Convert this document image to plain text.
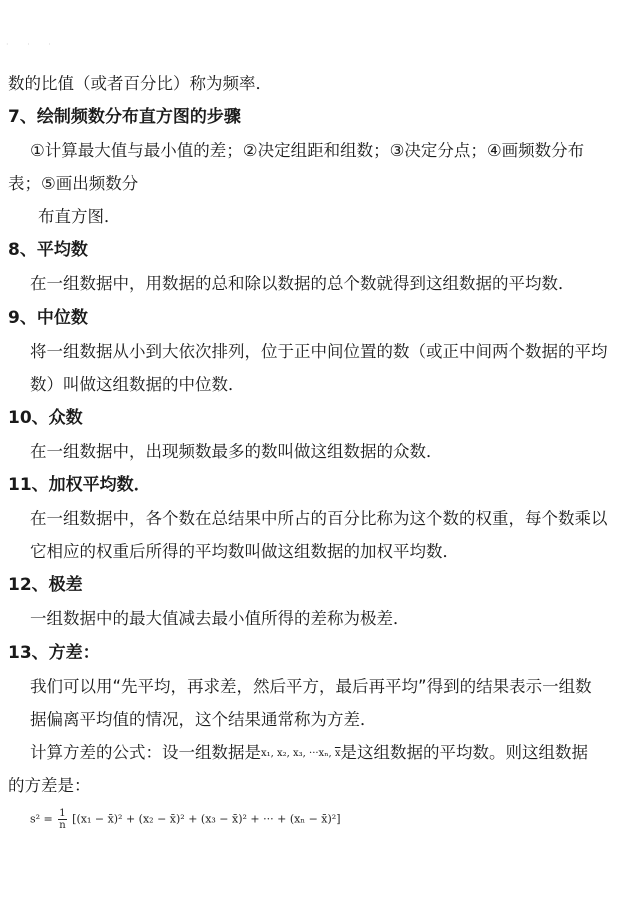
· · ·
数的比值（或者百分比）称为频率．
7、绘制频数分布直方图的步骤
①计算最大值与最小值的差；②决定组距和组数；③决定分点；④画频数分布
表；⑤画出频数分
布直方图．
8、平均数
在一组数据中，用数据的总和除以数据的总个数就得到这组数据的平均数．
9、中位数
将一组数据从小到大依次排列，位于正中间位置的数（或正中间两个数据的平均
数）叫做这组数据的中位数．
10、众数
在一组数据中，出现频数最多的数叫做这组数据的众数．
11、加权平均数．
在一组数据中，各个数在总结果中所占的百分比称为这个数的权重，每个数乘以
它相应的权重后所得的平均数叫做这组数据的加权平均数．
12、极差
一组数据中的最大值减去最小值所得的差称为极差．
13、方差：
我们可以用“先平均，再求差，然后平方，最后再平均”得到的结果表示一组数
据偏离平均值的情况，这个结果通常称为方差．
计算方差的公式：设一组数据是x₁, x₂, x₃, ···xₙ, $\overline{x}$是这组数据的平均数。则这组数据
的方差是：
$s^2 = \frac{1}{n} [(x_1$ − x̄)² + (x₂ − x̄)² + (x₃ − x̄)² + ··· + (xₙ − x̄)²]
